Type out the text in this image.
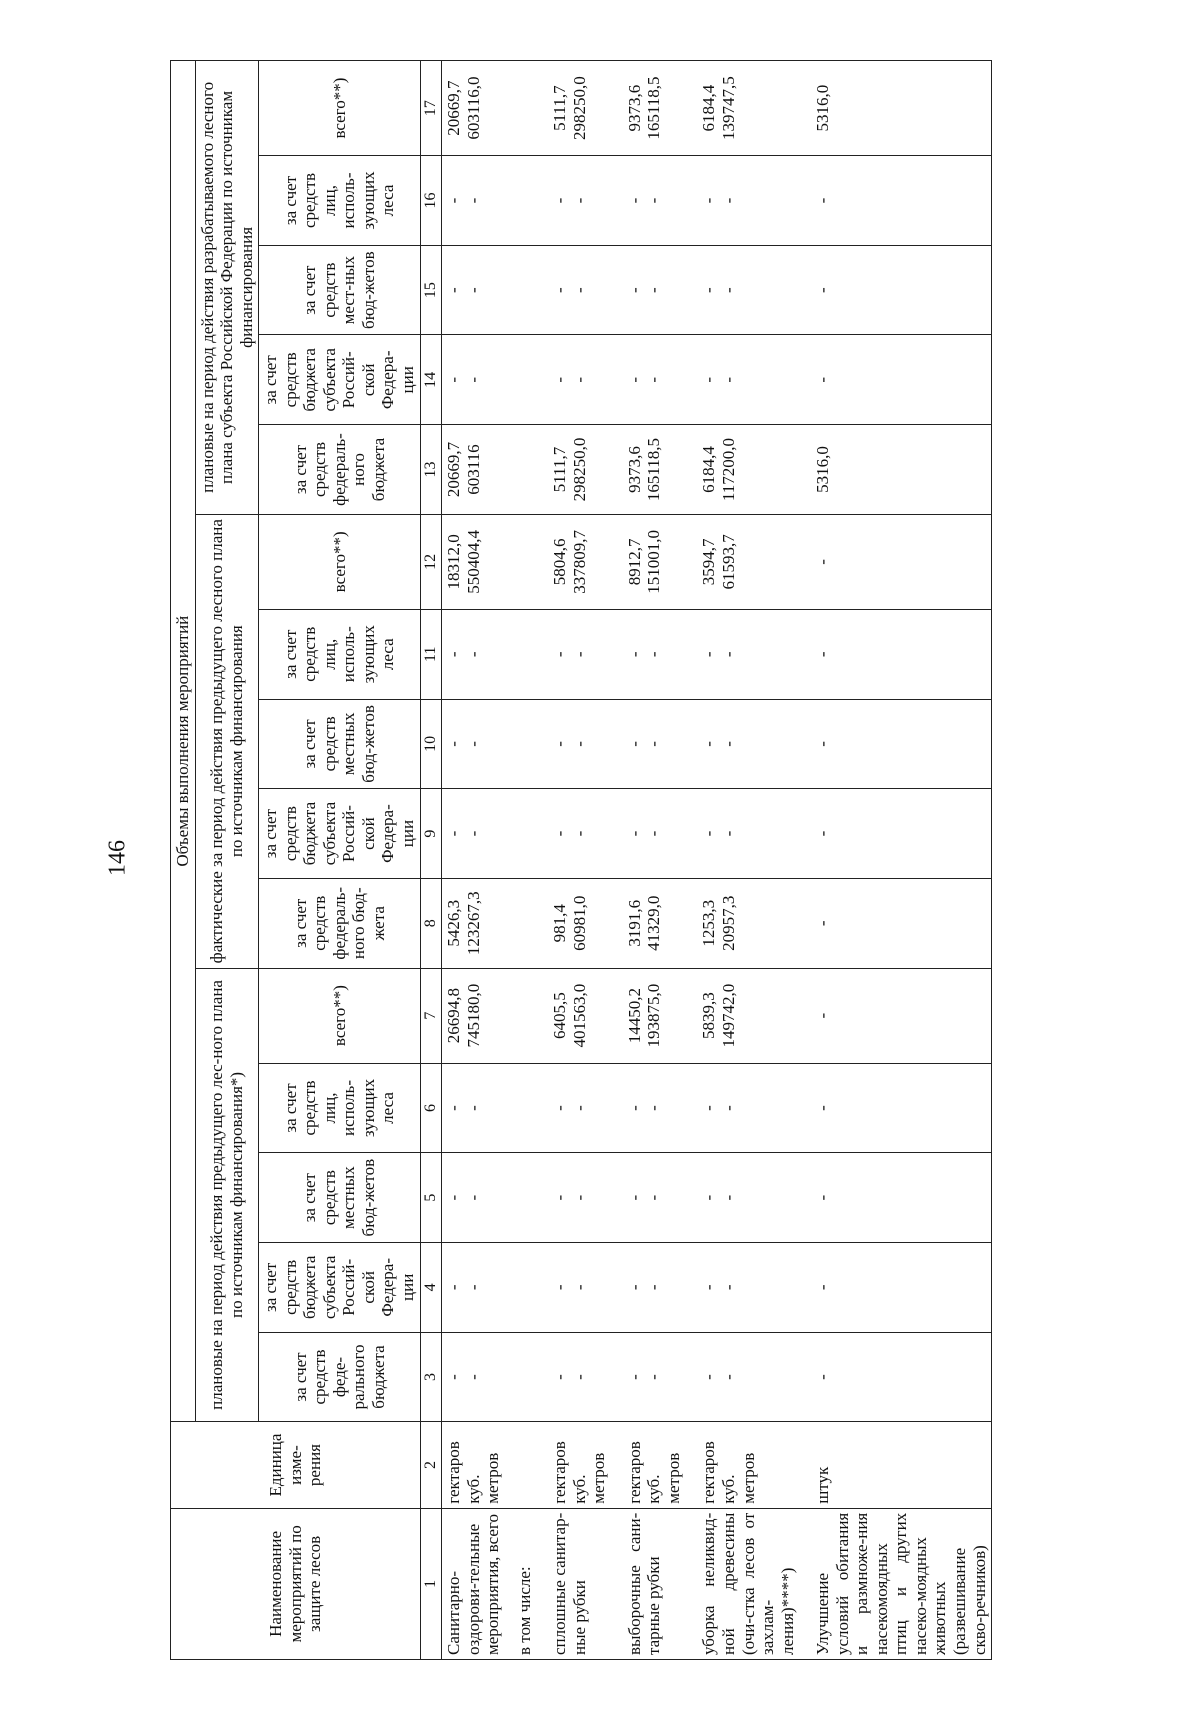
146
Наименование мероприятий по защите лесов	Единица изме-рения	Объемы выполнения мероприятий														
		плановые на период действия предыдущего лес-ного плана по источникам финансирования*)					фактические за период действия предыдущего лесного плана по источникам финансирования					плановые на период действия разрабатываемого лесного плана субъекта Российской Федерации по источникам финансирования				
		за счет средств феде-рального бюджета	за счет средств бюджета субъекта Россий-ской Федера-ции	за счет средств местных бюд-жетов	за счет средств лиц, исполь-зующих леса	всего**)	за счет средств федераль-ного бюд-жета	за счет средств бюджета субъекта Россий-ской Федера-ции	за счет средств местных бюд-жетов	за счет средств лиц, исполь-зующих леса	всего**)	за счет средств федераль-ного бюджета	за счет средств бюджета субъекта Россий-ской Федера-ции	за счет средств мест-ных бюд-жетов	за счет средств лиц, исполь-зующих леса	всего**)
1	2	3	4	5	6	7	8	9	10	11	12	13	14	15	16	17
Санитарно-оздорови-тельные мероприятия, всего	гектаров куб. метров	- -	- -	- -	- -	26694,8 745180,0	5426,3 123267,3	- -	- -	- -	18312,0 550404,4	20669,7 603116	- -	- -	- -	20669,7 603116,0

в том числе:																
сплошные санитар-ные рубки	гектаров куб. метров	- -	- -	- -	- -	6405,5 401563,0	981,4 60981,0	- -	- -	- -	5804,6 337809,7	5111,7 298250,0	- -	- -	- -	5111,7 298250,0

выборочные сани-тарные рубки	гектаров куб. метров	- -	- -	- -	- -	14450,2 193875,0	3191,6 41329,0	- -	- -	- -	8912,7 151001,0	9373,6 165118,5	- -	- -	- -	9373,6 165118,5

уборка неликвид-ной древесины (очи-стка лесов от захлам-ления)****)	гектаров куб. метров	- -	- -	- -	- -	5839,3 149742,0	1253,3 20957,3	- -	- -	- -	3594,7 61593,7	6184,4 117200,0	- -	- -	- -	6184,4 139747,5

Улучшение условий обитания и размноже-ния насекомоядных птиц и других насеко-моядных животных (развешивание скво-речников)	штук	-	-	-	-	-	-	-	-	-	-	5316,0	-	-	-	5316,0
